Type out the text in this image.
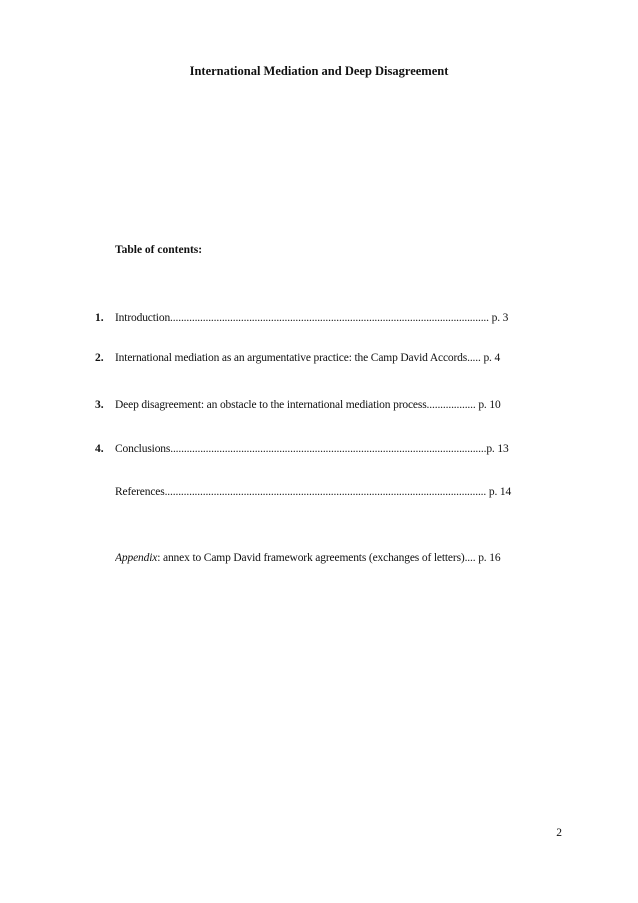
International Mediation and Deep Disagreement
Table of contents:
1. Introduction..................................................................................................................... p. 3
2. International mediation as an argumentative practice: the Camp David Accords..... p. 4
3. Deep disagreement: an obstacle to the international mediation process.................. p. 10
4. Conclusions....................................................................................................................p. 13
References...................................................................................................................... p. 14
Appendix: annex to Camp David framework agreements (exchanges of letters).... p. 16
2
